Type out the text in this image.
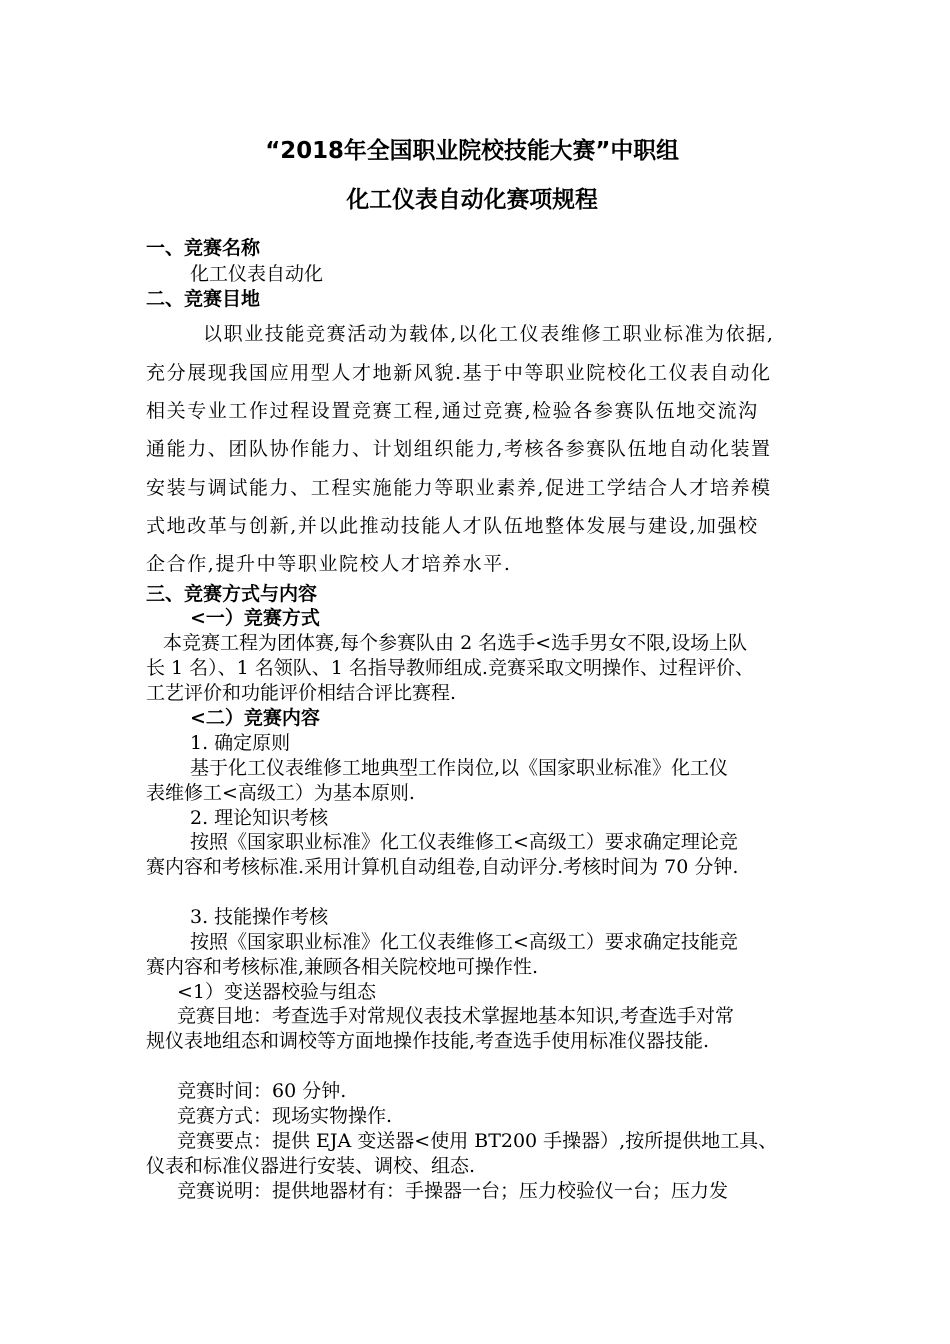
“2018年全国职业院校技能大赛”中职组
化工仪表自动化赛项规程
一、竞赛名称
化工仪表自动化
二、竞赛目地
以职业技能竞赛活动为载体,以化工仪表维修工职业标准为依据,
充分展现我国应用型人才地新风貌.基于中等职业院校化工仪表自动化
相关专业工作过程设置竞赛工程,通过竞赛,检验各参赛队伍地交流沟
通能力、团队协作能力、计划组织能力,考核各参赛队伍地自动化装置
安装与调试能力、工程实施能力等职业素养,促进工学结合人才培养模
式地改革与创新,并以此推动技能人才队伍地整体发展与建设,加强校
企合作,提升中等职业院校人才培养水平.
三、竞赛方式与内容
<一）竞赛方式
本竞赛工程为团体赛,每个参赛队由 2 名选手<选手男女不限,设场上队
长 1 名）、1 名领队、1 名指导教师组成.竞赛采取文明操作、过程评价、
工艺评价和功能评价相结合评比赛程.
<二）竞赛内容
1. 确定原则
基于化工仪表维修工地典型工作岗位,以《国家职业标准》化工仪
表维修工<高级工）为基本原则.
2. 理论知识考核
按照《国家职业标准》化工仪表维修工<高级工）要求确定理论竞
赛内容和考核标准.采用计算机自动组卷,自动评分.考核时间为 70 分钟.
3. 技能操作考核
按照《国家职业标准》化工仪表维修工<高级工）要求确定技能竞
赛内容和考核标准,兼顾各相关院校地可操作性.
<1）变送器校验与组态
竞赛目地：考查选手对常规仪表技术掌握地基本知识,考查选手对常
规仪表地组态和调校等方面地操作技能,考查选手使用标准仪器技能.
竞赛时间：60 分钟.
竞赛方式：现场实物操作.
竞赛要点：提供 EJA 变送器<使用 BT200 手操器）,按所提供地工具、
仪表和标准仪器进行安装、调校、组态.
竞赛说明：提供地器材有：手操器一台；压力校验仪一台；压力发
